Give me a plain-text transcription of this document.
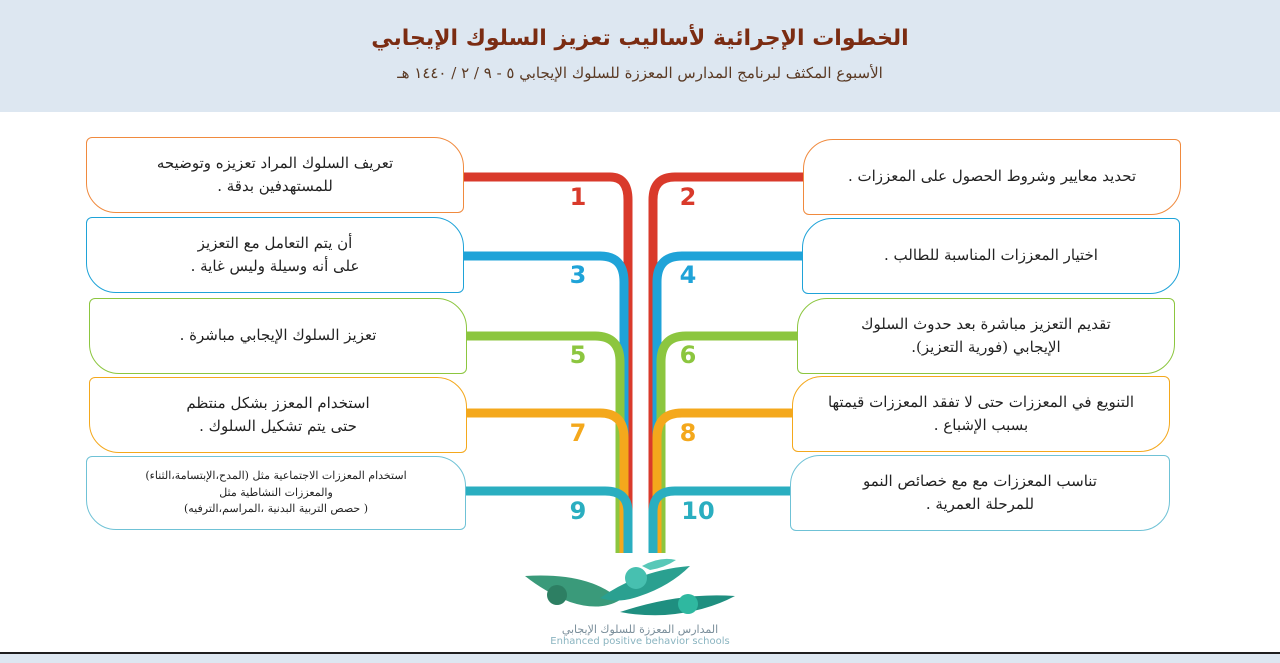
الخطوات الإجرائية لأساليب تعزيز السلوك الإيجابي
الأسبوع المكثف لبرنامج المدارس المعززة للسلوك الإيجابي ٥ - ٩ / ٢ / ١٤٤٠ هـ
تعريف السلوك المراد تعزيزه وتوضيحه
للمستهدفين بدقة .
أن يتم التعامل مع التعزيز
على أنه وسيلة وليس غاية .
تعزيز السلوك الإيجابي مباشرة .
استخدام المعزز بشكل منتظم
حتى يتم تشكيل السلوك .
استخدام المعززات الاجتماعية مثل (المدح،الإبتسامة،الثناء)
والمعززات النشاطية مثل
( حصص التربية البدنية ،المراسم،الترفيه)
تحديد معايير وشروط الحصول على المعززات .
اختيار المعززات المناسبة للطالب .
تقديم التعزيز مباشرة بعد حدوث السلوك
الإيجابي (فورية التعزيز).
التنويع في المعززات حتى لا تفقد المعززات قيمتها
بسبب الإشباع .
تناسب المعززات مع مع خصائص النمو
للمرحلة العمرية .
1	2
3	4
5	6
7	8
9	10
المدارس المعززة للسلوك الإيجابي
Enhanced positive behavior schools
